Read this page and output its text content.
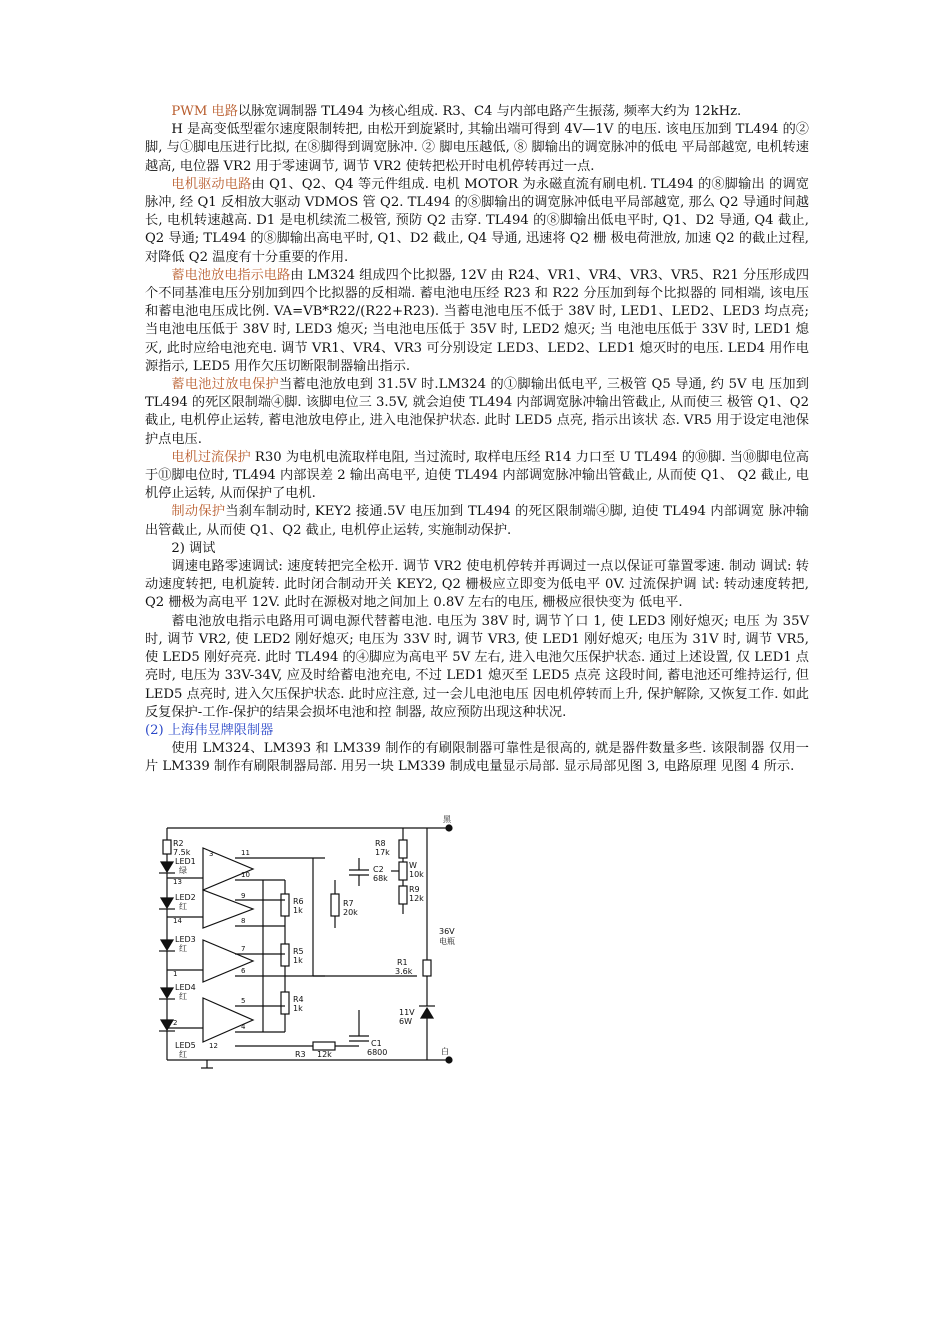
PWM 电路以脉宽调制器 TL494 为核心组成. R3、C4 与内部电路产生振荡, 频率大约为 12kHz.

H 是高变低型霍尔速度限制转把, 由松开到旋紧时, 其输出端可得到 4V—1V 的电压. 该电压加到 TL494 的②脚, 与①脚电压进行比拟, 在⑧脚得到调宽脉冲. ② 脚电压越低, ⑧ 脚输出的调宽脉冲的低电 平局部越宽, 电机转速越高, 电位器 VR2 用于零速调节, 调节 VR2 使转把松开时电机停转再过一点.

电机驱动电路由 Q1、Q2、Q4 等元件组成. 电机 MOTOR 为永磁直流有刷电机. TL494 的⑧脚输出 的调宽脉冲, 经 Q1 反相放大驱动 VDMOS 管 Q2. TL494 的⑧脚输出的调宽脉冲低电平局部越宽, 那么 Q2 导通时间越长, 电机转速越高. D1 是电机续流二极管, 预防 Q2 击穿. TL494 的⑧脚输出低电平时, Q1、D2 导通, Q4 截止, Q2 导通; TL494 的⑧脚输出高电平时, Q1、D2 截止, Q4 导通, 迅速将 Q2 栅 极电荷泄放, 加速 Q2 的截止过程, 对降低 Q2 温度有十分重要的作用.

蓄电池放电指示电路由 LM324 组成四个比拟器, 12V 由 R24、VR1、VR4、VR3、VR5、R21 分压形成四个不同基准电压分别加到四个比拟器的反相端. 蓄电池电压经 R23 和 R22 分压加到每个比拟器的 同相端, 该电压和蓄电池电压成比例. VA=VB*R22/(R22+R23). 当蓄电池电压不低于 38V 时, LED1、LED2、LED3 均点亮; 当电池电压低于 38V 时, LED3 熄灭; 当电池电压低于 35V 时, LED2 熄灭; 当 电池电压低于 33V 时, LED1 熄灭, 此时应给电池充电. 调节 VR1、VR4、VR3 可分别设定 LED3、LED2、LED1 熄灭时的电压. LED4 用作电源指示, LED5 用作欠压切断限制器输出指示.

蓄电池过放电保护当蓄电池放电到 31.5V 时.LM324 的①脚输出低电平, 三极管 Q5 导通, 约 5V 电 压加到 TL494 的死区限制端④脚. 该脚电位三 3.5V, 就会迫使 TL494 内部调宽脉冲输出管截止, 从而使三 极管 Q1、Q2 截止, 电机停止运转, 蓄电池放电停止, 进入电池保护状态. 此时 LED5 点亮, 指示出该状 态. VR5 用于设定电池保护点电压.

电机过流保护 R30 为电机电流取样电阻, 当过流时, 取样电压经 R14 力口至 U TL494 的⑩脚. 当⑩脚电位高于⑪脚电位时, TL494 内部误差 2 输出高电平, 迫使 TL494 内部调宽脉冲输出管截止, 从而使 Q1、 Q2 截止, 电机停止运转, 从而保护了电机.

制动保护当刹车制动时, KEY2 接通.5V 电压加到 TL494 的死区限制端④脚, 迫使 TL494 内部调宽 脉冲输出管截止, 从而使 Q1、Q2 截止, 电机停止运转, 实施制动保护.

2) 调试

调速电路零速调试: 速度转把完全松开. 调节 VR2 使电机停转并再调过一点以保证可靠置零速. 制动 调试: 转动速度转把, 电机旋转. 此时闭合制动开关 KEY2, Q2 栅极应立即变为低电平 0V. 过流保护调 试: 转动速度转把, Q2 栅极为高电平 12V. 此时在源极对地之间加上 0.8V 左右的电压, 栅极应很快变为 低电平.

蓄电池放电指示电路用可调电源代替蓄电池. 电压为 38V 时, 调节丫口 1, 使 LED3 刚好熄灭; 电压 为 35V 时, 调节 VR2, 使 LED2 刚好熄灭; 电压为 33V 时, 调节 VR3, 使 LED1 刚好熄灭; 电压为 31V 时, 调节 VR5, 使 LED5 刚好亮亮. 此时 TL494 的④脚应为高电平 5V 左右, 进入电池欠压保护状态. 通过上述设置, 仅 LED1 点亮时, 电压为 33V-34V, 应及时给蓄电池充电, 不过 LED1 熄灭至 LED5 点亮 这段时间, 蓄电池还可维持运行, 但 LED5 点亮时, 进入欠压保护状态. 此时应注意, 过一会儿电池电压 因电机停转而上升, 保护解除, 又恢复工作. 如此反复保护-工作-保护的结果会损坏电池和控 制器, 故应预防出现这种状况.

(2) 上海伟昱牌限制器

使用 LM324、LM393 和 LM339 制作的有刷限制器可靠性是很高的, 就是器件数量多些. 该限制器 仅用一片 LM339 制作有刷限制器局部. 用另一块 LM339 制成电量显示局部. 显示局部见图 3, 电路原理 见图 4 所示.

R2
7.5k
LED1
绿
LED2
红
LED3
红
LED4
红
LED5
红
3	11
10
13
9
8
14
7
6
1
5
4
2
12
R6
1k
R5
1k
R4
1k
R7
20k
C2
68k
R8
17k
W
10k
R9
12k
R1
3.6k
11V
6W
R3 12k
C1
6800
黑
36V
电瓶
白
